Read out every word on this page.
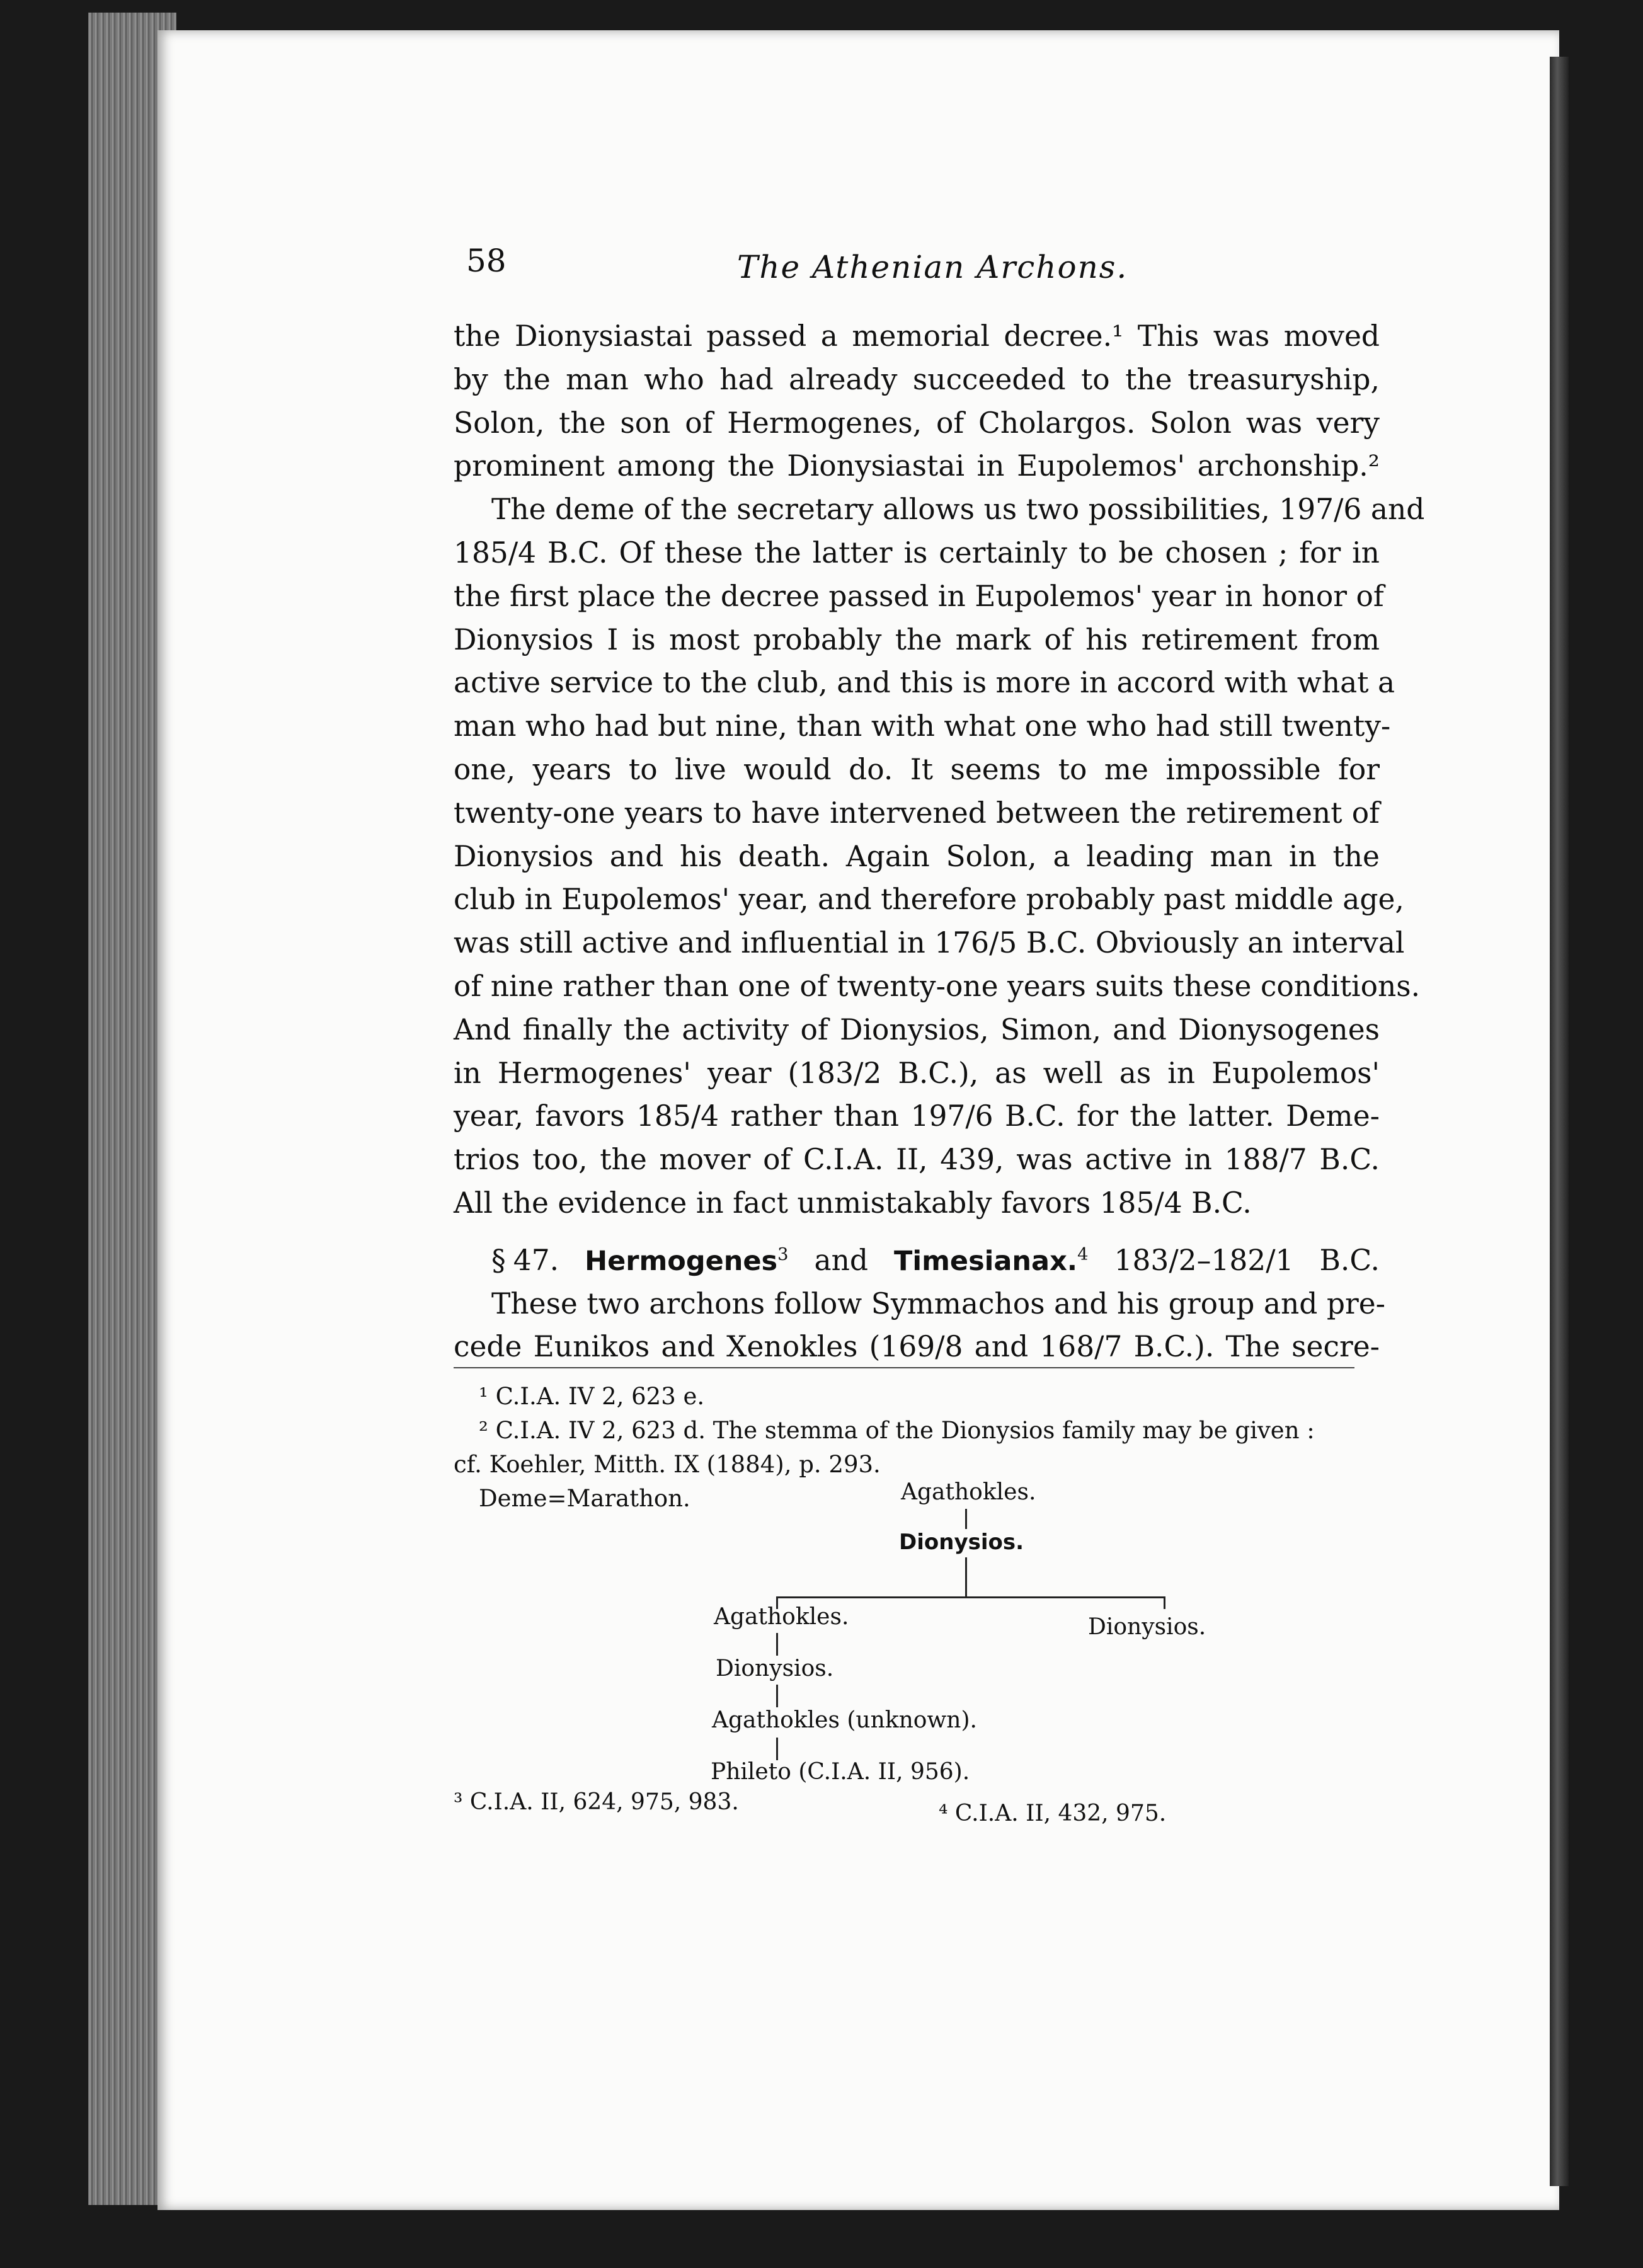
58	The Athenian Archons.
the Dionysiastai passed a memorial decree.¹ This was moved
by the man who had already succeeded to the treasuryship,
Solon, the son of Hermogenes, of Cholargos. Solon was very
prominent among the Dionysiastai in Eupolemos' archonship.²
The deme of the secretary allows us two possibilities, 197/6 and
185/4 B.C. Of these the latter is certainly to be chosen ; for in
the first place the decree passed in Eupolemos' year in honor of
Dionysios I is most probably the mark of his retirement from
active service to the club, and this is more in accord with what a
man who had but nine, than with what one who had still twenty-
one, years to live would do. It seems to me impossible for
twenty-one years to have intervened between the retirement of
Dionysios and his death. Again Solon, a leading man in the
club in Eupolemos' year, and therefore probably past middle age,
was still active and influential in 176/5 B.C. Obviously an interval
of nine rather than one of twenty-one years suits these conditions.
And finally the activity of Dionysios, Simon, and Dionysogenes
in Hermogenes' year (183/2 B.C.), as well as in Eupolemos'
year, favors 185/4 rather than 197/6 B.C. for the latter. Deme-
trios too, the mover of C.I.A. II, 439, was active in 188/7 B.C.
All the evidence in fact unmistakably favors 185/4 B.C.
§ 47. Hermogenes$^3$ and Timesianax.$^4$ 183/2–182/1 B.C.
These two archons follow Symmachos and his group and pre-
cede Eunikos and Xenokles (169/8 and 168/7 B.C.). The secre-
¹ C.I.A. IV 2, 623 e.
² C.I.A. IV 2, 623 d. The stemma of the Dionysios family may be given :
cf. Koehler, Mitth. IX (1884), p. 293.
Deme=Marathon.	Agathokles.
Dionysios.
Agathokles.	Dionysios.
Dionysios.
Agathokles (unknown).
Phileto (C.I.A. II, 956).
³ C.I.A. II, 624, 975, 983.	⁴ C.I.A. II, 432, 975.
